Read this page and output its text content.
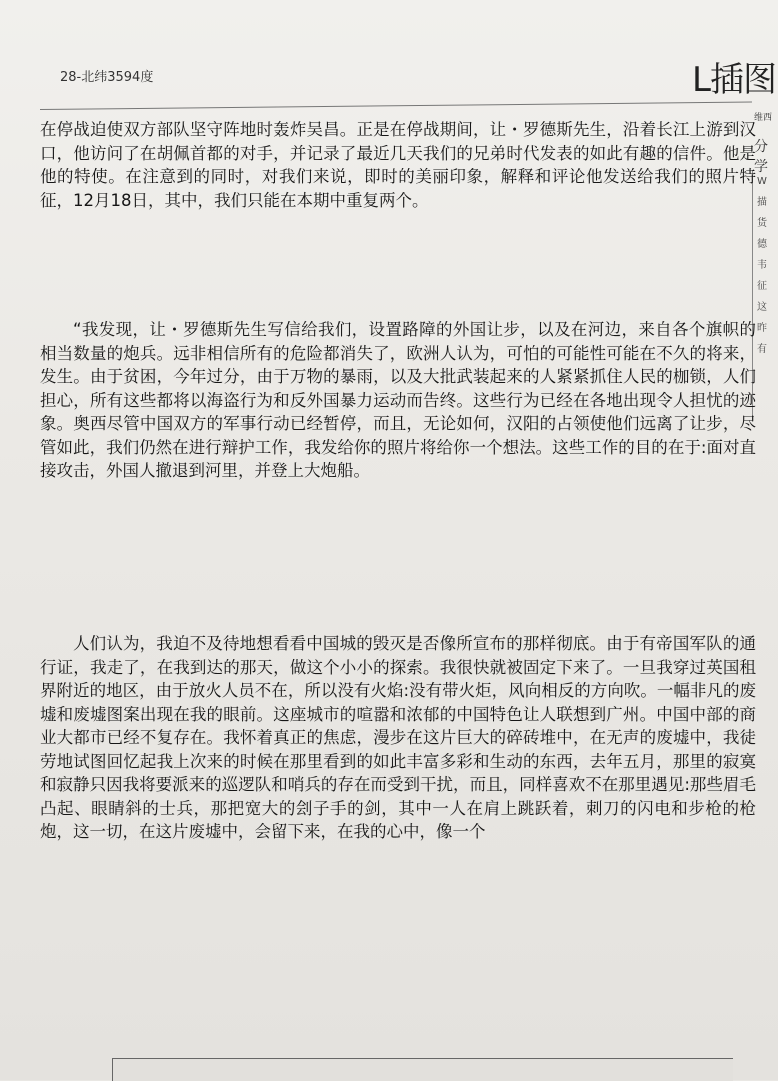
28-北纬3594度	L插图
维西
分学
W
描
货
德
韦
征
这
昨
有
在停战迫使双方部队坚守阵地时轰炸吴昌。正是在停战期间，让・罗德斯先生，沿着长江上游到汉口，他访问了在胡佩首都的对手，并记录了最近几天我们的兄弟时代发表的如此有趣的信件。他是他的特使。在注意到的同时，对我们来说，即时的美丽印象，解释和评论他发送给我们的照片特征，12月18日，其中，我们只能在本期中重复两个。
“我发现，让・罗德斯先生写信给我们，设置路障的外国让步，以及在河边，来自各个旗帜的相当数量的炮兵。远非相信所有的危险都消失了，欧洲人认为，可怕的可能性可能在不久的将来，发生。由于贫困，今年过分，由于万物的暴雨，以及大批武装起来的人紧紧抓住人民的枷锁，人们担心，所有这些都将以海盗行为和反外国暴力运动而告终。这些行为已经在各地出现令人担忧的迹象。奥西尽管中国双方的军事行动已经暂停，而且，无论如何，汉阳的占领使他们远离了让步，尽管如此，我们仍然在进行辩护工作，我发给你的照片将给你一个想法。这些工作的目的在于:面对直接攻击，外国人撤退到河里，并登上大炮船。
人们认为，我迫不及待地想看看中国城的毁灭是否像所宣布的那样彻底。由于有帝国军队的通行证，我走了，在我到达的那天，做这个小小的探索。我很快就被固定下来了。一旦我穿过英国租界附近的地区，由于放火人员不在，所以没有火焰:没有带火炬，风向相反的方向吹。一幅非凡的废墟和废墟图案出现在我的眼前。这座城市的喧嚣和浓郁的中国特色让人联想到广州。中国中部的商业大都市已经不复存在。我怀着真正的焦虑，漫步在这片巨大的碎砖堆中，在无声的废墟中，我徒劳地试图回忆起我上次来的时候在那里看到的如此丰富多彩和生动的东西，去年五月，那里的寂寞和寂静只因我将要派来的巡逻队和哨兵的存在而受到干扰，而且，同样喜欢不在那里遇见:那些眉毛凸起、眼睛斜的士兵，那把宽大的刽子手的剑，其中一人在肩上跳跃着，刺刀的闪电和步枪的枪炮，这一切，在这片废墟中，会留下来，在我的心中，像一个
